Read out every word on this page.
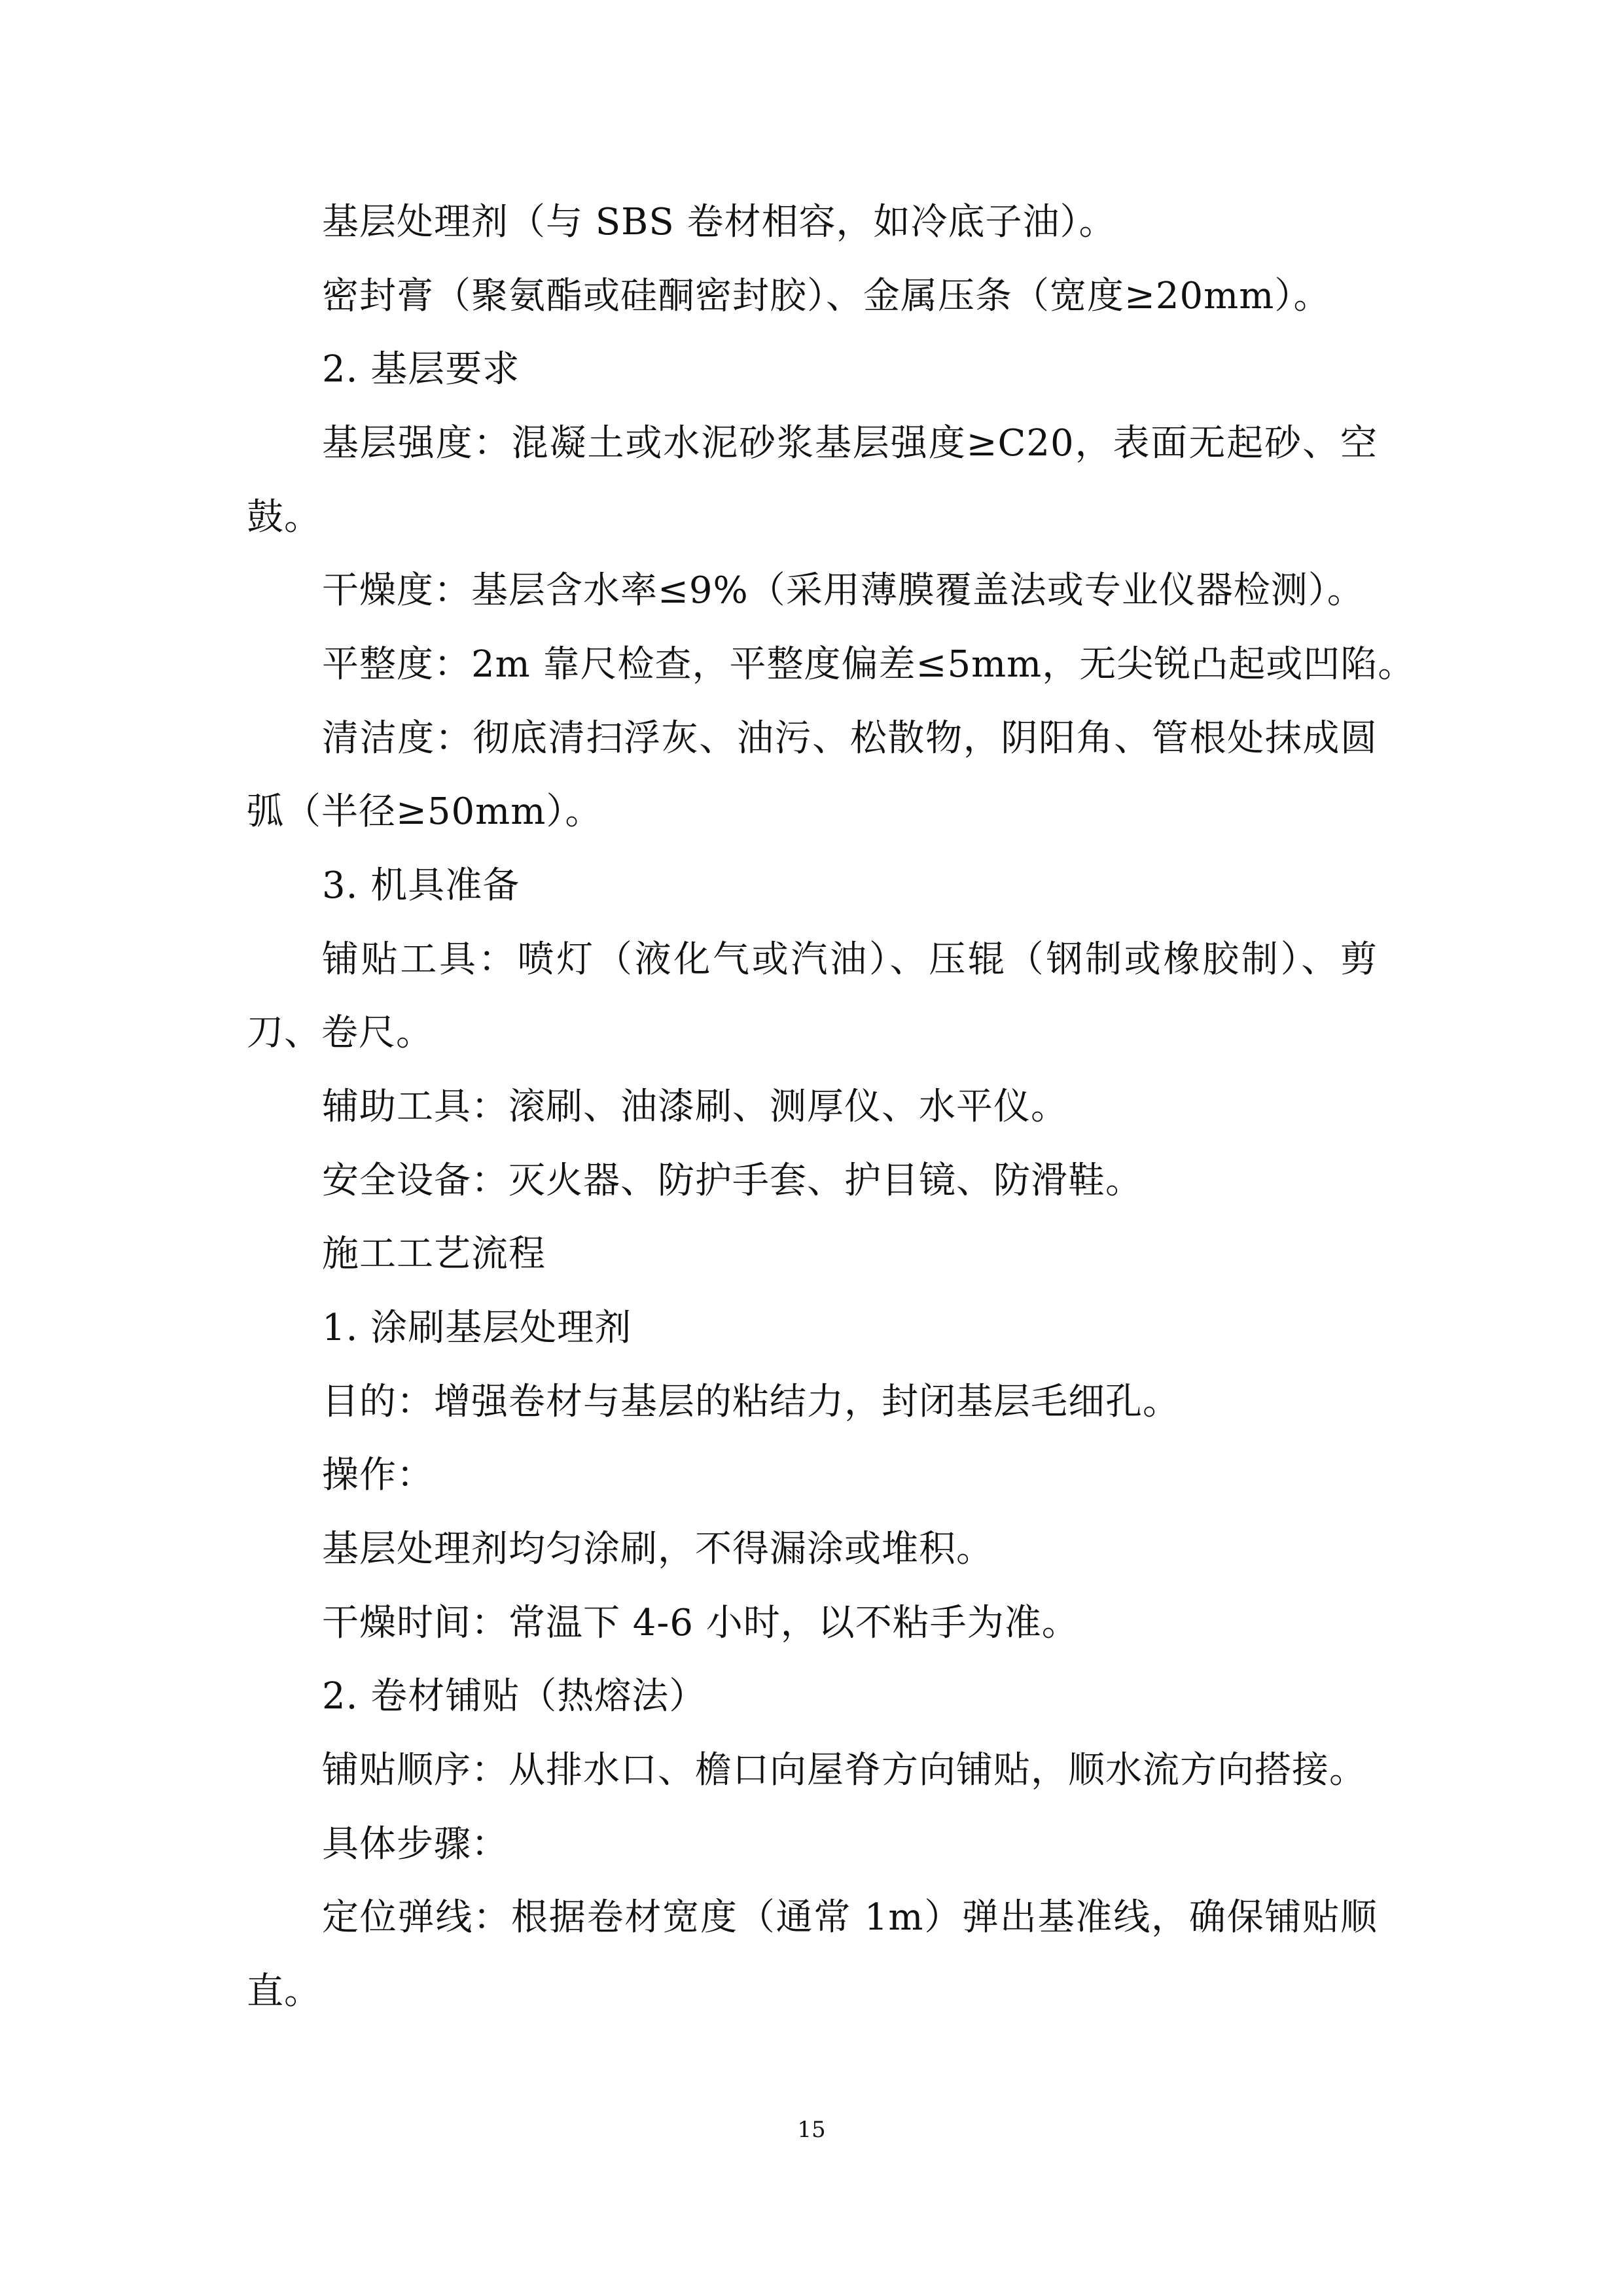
基层处理剂（与 SBS 卷材相容，如冷底子油）。
密封膏（聚氨酯或硅酮密封胶）、金属压条（宽度≥20mm）。
2. 基层要求
基层强度：混凝土或水泥砂浆基层强度≥C20，表面无起砂、空
鼓。
干燥度：基层含水率≤9%（采用薄膜覆盖法或专业仪器检测）。
平整度：2m 靠尺检查，平整度偏差≤5mm，无尖锐凸起或凹陷。
清洁度：彻底清扫浮灰、油污、松散物，阴阳角、管根处抹成圆
弧（半径≥50mm）。
3. 机具准备
铺贴工具：喷灯（液化气或汽油）、压辊（钢制或橡胶制）、剪
刀、卷尺。
辅助工具：滚刷、油漆刷、测厚仪、水平仪。
安全设备：灭火器、防护手套、护目镜、防滑鞋。
施工工艺流程
1. 涂刷基层处理剂
目的：增强卷材与基层的粘结力，封闭基层毛细孔。
操作：
基层处理剂均匀涂刷，不得漏涂或堆积。
干燥时间：常温下 4-6 小时，以不粘手为准。
2. 卷材铺贴（热熔法）
铺贴顺序：从排水口、檐口向屋脊方向铺贴，顺水流方向搭接。
具体步骤：
定位弹线：根据卷材宽度（通常 1m）弹出基准线，确保铺贴顺
直。
15
